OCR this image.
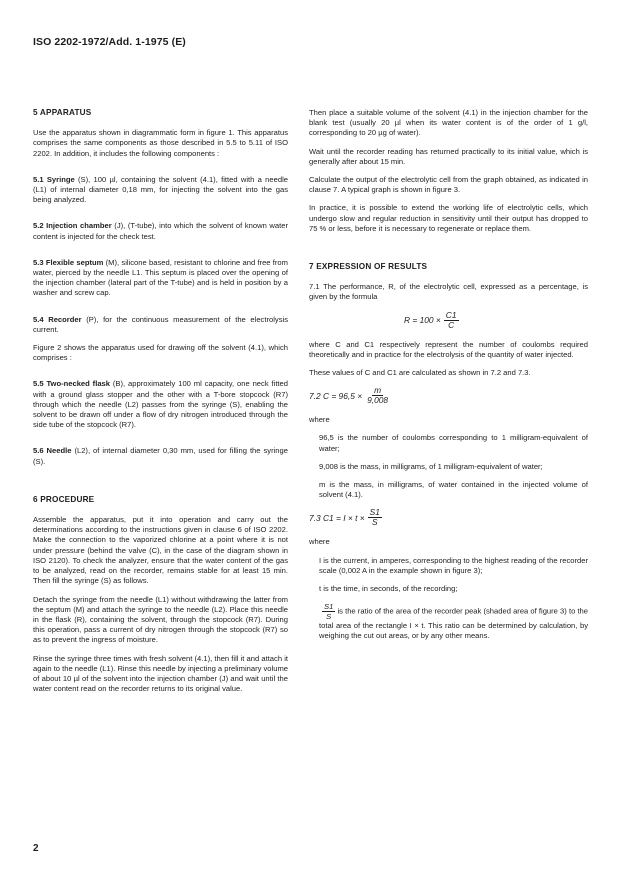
ISO 2202-1972/Add. 1-1975 (E)
5 APPARATUS

Use the apparatus shown in diagrammatic form in figure 1. This apparatus comprises the same components as those described in 5.5 to 5.11 of ISO 2202. In addition, it includes the following components :

5.1 Syringe (S), 100 µl, containing the solvent (4.1), fitted with a needle (L1) of internal diameter 0,18 mm, for injecting the solvent into the gas being analyzed.

5.2 Injection chamber (J), (T-tube), into which the solvent of known water content is injected for the check test.

5.3 Flexible septum (M), silicone based, resistant to chlorine and free from water, pierced by the needle L1. This septum is placed over the opening of the injection chamber (lateral part of the T-tube) and is held in position by a washer and screw cap.

5.4 Recorder (P), for the continuous measurement of the electrolysis current.

Figure 2 shows the apparatus used for drawing off the solvent (4.1), which comprises :

5.5 Two-necked flask (B), approximately 100 ml capacity, one neck fitted with a ground glass stopper and the other with a T-bore stopcock (R7) through which the needle (L2) passes from the syringe (S), enabling the solvent to be drawn off under a flow of dry nitrogen introduced through the side tube of the stopcock (R7).

5.6 Needle (L2), of internal diameter 0,30 mm, used for filling the syringe (S).

6 PROCEDURE

Assemble the apparatus, put it into operation and carry out the determinations according to the instructions given in clause 6 of ISO 2202. Make the connection to the vaporized chlorine at a point where it is not under pressure (behind the valve (C), in the case of the diagram shown in ISO 2120). To check the analyzer, ensure that the water content of the gas to be analyzed, read on the recorder, remains stable for at least 15 min. Then fill the syringe (S) as follows.

Detach the syringe from the needle (L1) without withdrawing the latter from the septum (M) and attach the syringe to the needle (L2). Place this needle in the flask (R), containing the solvent, through the stopcock (R7). During this operation, pass a current of dry nitrogen through the stopcock (R7) so as to prevent the ingress of moisture.

Rinse the syringe three times with fresh solvent (4.1), then fill it and attach it again to the needle (L1). Rinse this needle by injecting a preliminary volume of about 10 µl of the solvent into the injection chamber (J) and wait until the water content read on the recorder returns to its original value.

Then place a suitable volume of the solvent (4.1) in the injection chamber for the blank test (usually 20 µl when its water content is of the order of 1 g/l, corresponding to 20 µg of water).

Wait until the recorder reading has returned practically to its initial value, which is generally after about 15 min.

Calculate the output of the electrolytic cell from the graph obtained, as indicated in clause 7. A typical graph is shown in figure 3.

In practice, it is possible to extend the working life of electrolytic cells, which undergo slow and regular reduction in sensitivity until their output has dropped to 75 % or less, before it is necessary to regenerate or replace them.

7 EXPRESSION OF RESULTS

7.1 The performance, R, of the electrolytic cell, expressed as a percentage, is given by the formula

$R = 100 \times \frac{C1}{C}$

where C and C1 respectively represent the number of coulombs required theoretically and in practice for the electrolysis of the quantity of water injected.

These values of C and C1 are calculated as shown in 7.2 and 7.3.

7.2 $C = 96,5 \times \frac{m}{9,008}$

where

96,5 is the number of coulombs corresponding to 1 milligram-equivalent of water;

9,008 is the mass, in milligrams, of 1 milligram-equivalent of water;

m is the mass, in milligrams, of water contained in the injected volume of solvent (4.1).

7.3 $C1 = I \times t \times \frac{S1}{S}$

where

I is the current, in amperes, corresponding to the highest reading of the recorder scale (0,002 A in the example shown in figure 3);

t is the time, in seconds, of the recording;

$\frac{S1}{S}$ is the ratio of the area of the recorder peak (shaded area of figure 3) to the total area of the rectangle I × t. This ratio can be determined by calculation, by weighing the cut out areas, or by any other means.

2
